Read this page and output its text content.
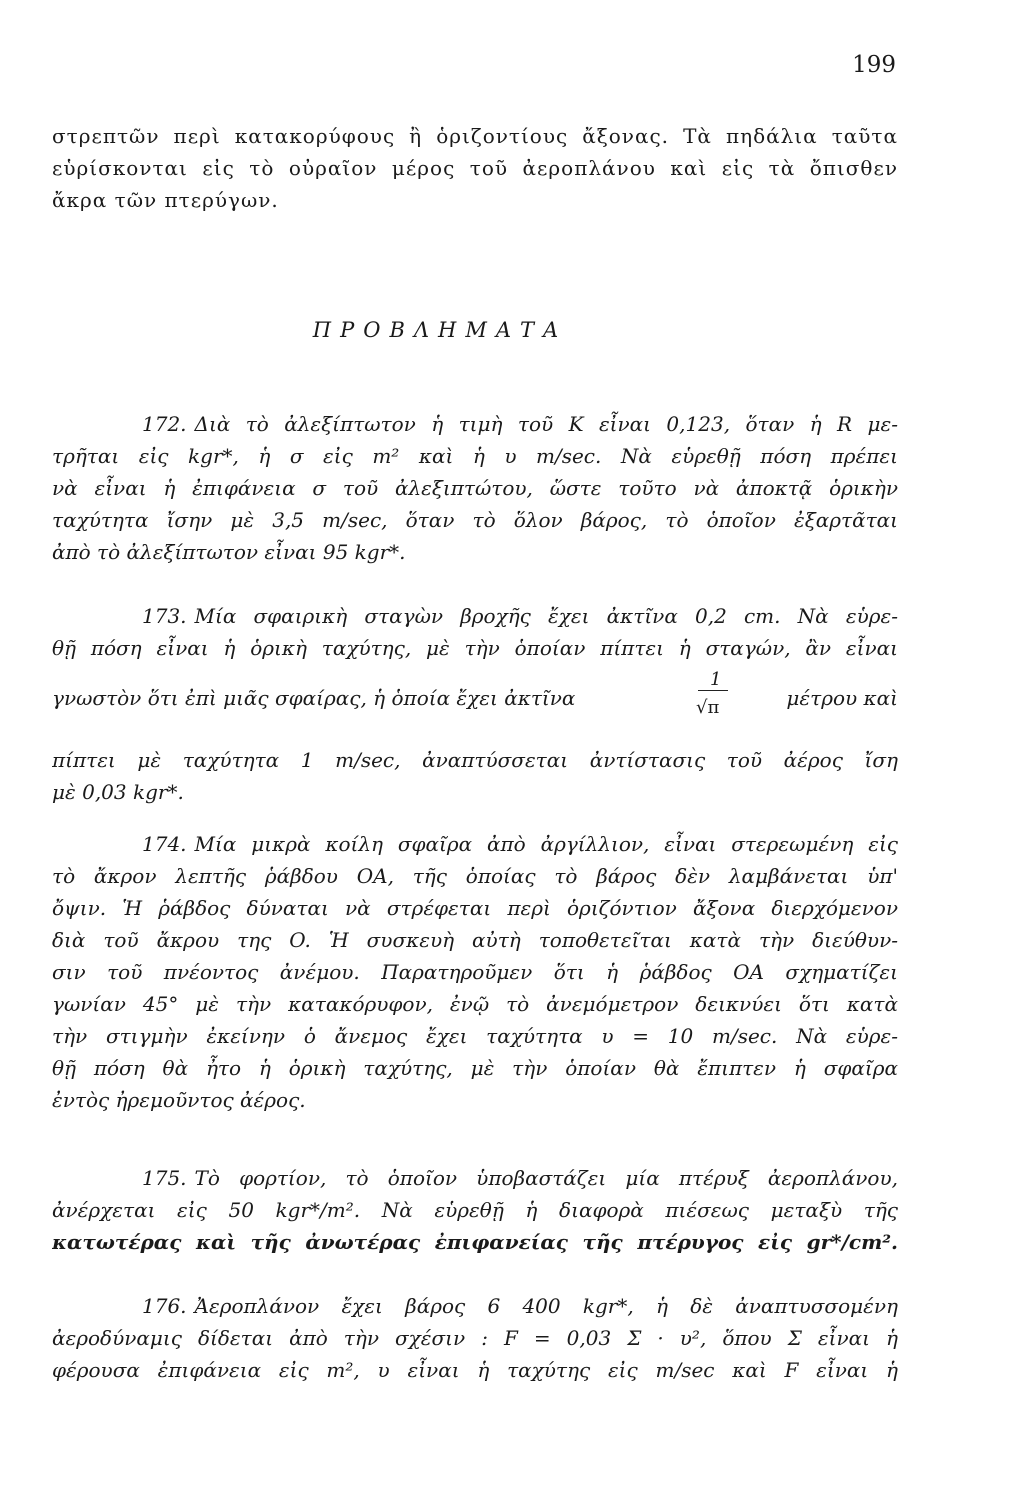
199
στρεπτῶν περὶ κατακορύφους ἢ ὁριζοντίους ἄξονας. Τὰ πηδάλια ταῦτα
εὑρίσκονται εἰς τὸ οὐραῖον μέρος τοῦ ἀεροπλάνου καὶ εἰς τὰ ὄπισθεν
ἄκρα τῶν πτερύγων.
ΠΡΟΒΛΗΜΑΤΑ
172. Διὰ τὸ ἀλεξίπτωτον ἡ τιμὴ τοῦ K εἶναι 0,123, ὅταν ἡ R με-
τρῆται εἰς kgr*, ἡ σ εἰς m² καὶ ἡ υ m/sec. Νὰ εὑρεθῇ πόση πρέπει
νὰ εἶναι ἡ ἐπιφάνεια σ τοῦ ἀλεξιπτώτου, ὥστε τοῦτο νὰ ἀποκτᾷ ὁρικὴν
ταχύτητα ἴσην μὲ 3,5 m/sec, ὅταν τὸ ὅλον βάρος, τὸ ὁποῖον ἐξαρτᾶται
ἀπὸ τὸ ἀλεξίπτωτον εἶναι 95 kgr*.
173. Μία σφαιρικὴ σταγὼν βροχῆς ἔχει ἀκτῖνα 0,2 cm. Νὰ εὑρε-
θῇ πόση εἶναι ἡ ὁρικὴ ταχύτης, μὲ τὴν ὁποίαν πίπτει ἡ σταγών, ἂν εἶναι
γνωστὸν ὅτι ἐπὶ μιᾶς σφαίρας, ἡ ὁποία ἔχει ἀκτῖνα	$\frac{1}{√\pi}$	μέτρου καὶ
πίπτει μὲ ταχύτητα 1 m/sec, ἀναπτύσσεται ἀντίστασις τοῦ ἀέρος ἴση
μὲ 0,03 kgr*.
174. Μία μικρὰ κοίλη σφαῖρα ἀπὸ ἀργίλλιον, εἶναι στερεωμένη εἰς
τὸ ἄκρον λεπτῆς ῥάβδου OA, τῆς ὁποίας τὸ βάρος δὲν λαμβάνεται ὑπ'
ὄψιν. Ἡ ῥάβδος δύναται νὰ στρέφεται περὶ ὁριζόντιον ἄξονα διερχόμενον
διὰ τοῦ ἄκρου της O. Ἡ συσκευὴ αὐτὴ τοποθετεῖται κατὰ τὴν διεύθυν-
σιν τοῦ πνέοντος ἀνέμου. Παρατηροῦμεν ὅτι ἡ ῥάβδος OA σχηματίζει
γωνίαν 45° μὲ τὴν κατακόρυφον, ἐνῷ τὸ ἀνεμόμετρον δεικνύει ὅτι κατὰ
τὴν στιγμὴν ἐκείνην ὁ ἄνεμος ἔχει ταχύτητα υ = 10 m/sec. Νὰ εὑρε-
θῇ πόση θὰ ἦτο ἡ ὁρικὴ ταχύτης, μὲ τὴν ὁποίαν θὰ ἔπιπτεν ἡ σφαῖρα
ἐντὸς ἠρεμοῦντος ἀέρος.
175. Τὸ φορτίον, τὸ ὁποῖον ὑποβαστάζει μία πτέρυξ ἀεροπλάνου,
ἀνέρχεται εἰς 50 kgr*/m². Νὰ εὑρεθῇ ἡ διαφορὰ πιέσεως μεταξὺ τῆς
κατωτέρας καὶ τῆς ἀνωτέρας ἐπιφανείας τῆς πτέρυγος εἰς gr*/cm².
176. Ἀεροπλάνον ἔχει βάρος 6 400 kgr*, ἡ δὲ ἀναπτυσσομένη
ἀεροδύναμις δίδεται ἀπὸ τὴν σχέσιν : F = 0,03 Σ · υ², ὅπου Σ εἶναι ἡ
φέρουσα ἐπιφάνεια εἰς m², υ εἶναι ἡ ταχύτης εἰς m/sec καὶ F εἶναι ἡ
